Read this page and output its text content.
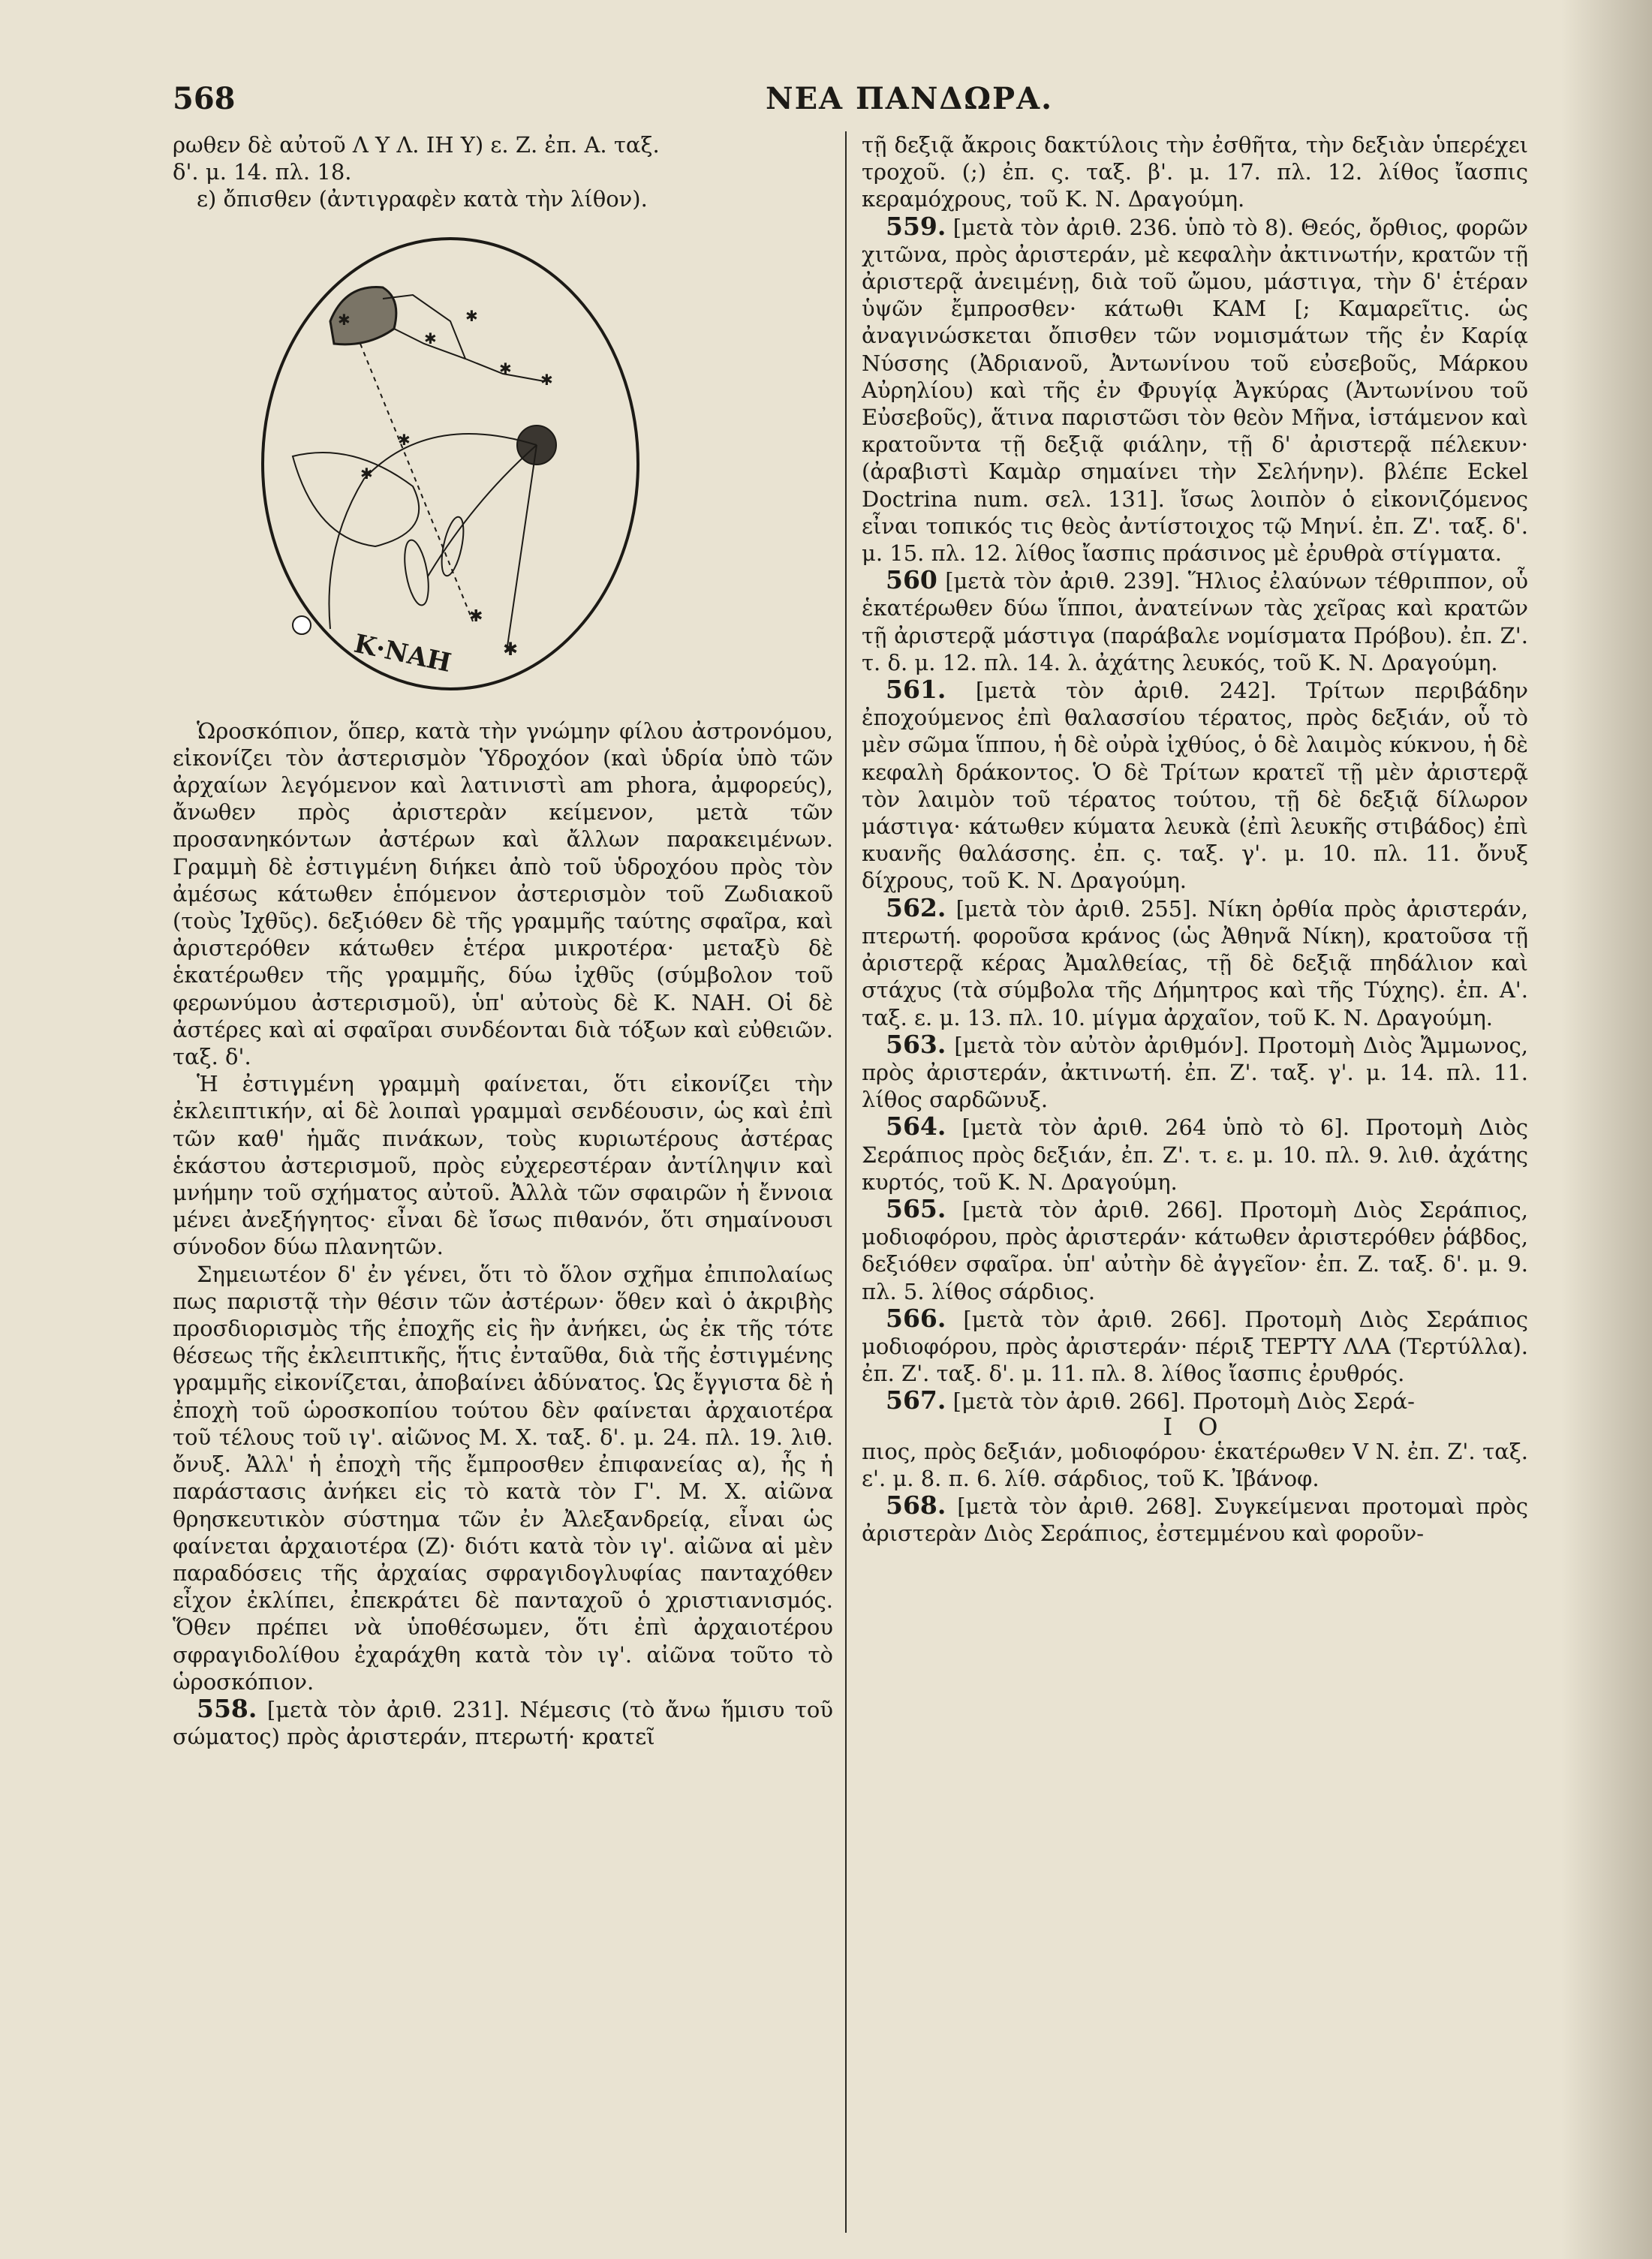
568	ΝΕΑ ΠΑΝΔΩΡΑ.

ρωθεν δὲ αὐτοῦ Λ Υ Λ. ΙΗ Υ) ε. Ζ. ἐπ. Α. ταξ.

δ'. μ. 14. πλ. 18.

ε) ὄπισθεν (ἀντιγραφὲν κατὰ τὴν λίθον).

✱
✱
✱
✱
✱
✱
✱
✱
✱
Κ·ΝΑΗ

Ὡροσκόπιον, ὅπερ, κατὰ τὴν γνώμην φίλου ἀστρονόμου, εἰκονίζει τὸν ἀστερισμὸν Ὑδροχόον (καὶ ὑδρία ὑπὸ τῶν ἀρχαίων λεγόμενον καὶ λατινιστὶ am phora, ἀμφορεύς), ἄνωθεν πρὸς ἀριστερὰν κείμενον, μετὰ τῶν προσανηκόντων ἀστέρων καὶ ἄλλων παρακειμένων. Γραμμὴ δὲ ἐστιγμένη διήκει ἀπὸ τοῦ ὑδροχόου πρὸς τὸν ἀμέσως κάτωθεν ἑπόμενον ἀστερισμὸν τοῦ Ζωδιακοῦ (τοὺς Ἰχθῦς). δεξιόθεν δὲ τῆς γραμμῆς ταύτης σφαῖρα, καὶ ἀριστερόθεν κάτωθεν ἑτέρα μικροτέρα· μεταξὺ δὲ ἑκατέρωθεν τῆς γραμμῆς, δύω ἰχθῦς (σύμβολον τοῦ φερωνύμου ἀστερισμοῦ), ὑπ' αὐτοὺς δὲ Κ. ΝΑΗ. Οἱ δὲ ἀστέρες καὶ αἱ σφαῖραι συνδέονται διὰ τόξων καὶ εὐθειῶν. ταξ. δ'.

Ἡ ἐστιγμένη γραμμὴ φαίνεται, ὅτι εἰκονίζει τὴν ἐκλειπτικήν, αἱ δὲ λοιπαὶ γραμμαὶ σενδέουσιν, ὡς καὶ ἐπὶ τῶν καθ' ἡμᾶς πινάκων, τοὺς κυριωτέρους ἀστέρας ἑκάστου ἀστερισμοῦ, πρὸς εὐχερεστέραν ἀντίληψιν καὶ μνήμην τοῦ σχήματος αὐτοῦ. Ἀλλὰ τῶν σφαιρῶν ἡ ἔννοια μένει ἀνεξήγητος· εἶναι δὲ ἴσως πιθανόν, ὅτι σημαίνουσι σύνοδον δύω πλανητῶν.

Σημειωτέον δ' ἐν γένει, ὅτι τὸ ὅλον σχῆμα ἐπιπολαίως πως παριστᾷ τὴν θέσιν τῶν ἀστέρων· ὅθεν καὶ ὁ ἀκριβὴς προσδιορισμὸς τῆς ἐποχῆς εἰς ἣν ἀνήκει, ὡς ἐκ τῆς τότε θέσεως τῆς ἐκλειπτικῆς, ἥτις ἐνταῦθα, διὰ τῆς ἐστιγμένης γραμμῆς εἰκονίζεται, ἀποβαίνει ἀδύνατος. Ὡς ἔγγιστα δὲ ἡ ἐποχὴ τοῦ ὡροσκοπίου τούτου δὲν φαίνεται ἀρχαιοτέρα τοῦ τέλους τοῦ ιγ'. αἰῶνος Μ. Χ. ταξ. δ'. μ. 24. πλ. 19. λιθ. ὄνυξ. Ἀλλ' ἡ ἐποχὴ τῆς ἔμπροσθεν ἐπιφανείας α), ἧς ἡ παράστασις ἀνήκει εἰς τὸ κατὰ τὸν Γ'. Μ. Χ. αἰῶνα θρησκευτικὸν σύστημα τῶν ἐν Ἀλεξανδρείᾳ, εἶναι ὡς φαίνεται ἀρχαιοτέρα (Ζ)· διότι κατὰ τὸν ιγ'. αἰῶνα αἱ μὲν παραδόσεις τῆς ἀρχαίας σφραγιδογλυφίας πανταχόθεν εἶχον ἐκλίπει, ἐπεκράτει δὲ πανταχοῦ ὁ χριστιανισμός. Ὅθεν πρέπει νὰ ὑποθέσωμεν, ὅτι ἐπὶ ἀρχαιοτέρου σφραγιδολίθου ἐχαράχθη κατὰ τὸν ιγ'. αἰῶνα τοῦτο τὸ ὡροσκόπιον.

558. [μετὰ τὸν ἀριθ. 231]. Νέμεσις (τὸ ἄνω ἥμισυ τοῦ σώματος) πρὸς ἀριστεράν, πτερωτή· κρατεῖ

τῇ δεξιᾷ ἄκροις δακτύλοις τὴν ἐσθῆτα, τὴν δεξιὰν ὑπερέχει τροχοῦ. (;) ἐπ. ς. ταξ. β'. μ. 17. πλ. 12. λίθος ἴασπις κεραμόχρους, τοῦ Κ. Ν. Δραγούμη.

559. [μετὰ τὸν ἀριθ. 236. ὑπὸ τὸ 8). Θεός, ὄρθιος, φορῶν χιτῶνα, πρὸς ἀριστεράν, μὲ κεφαλὴν ἀκτινωτήν, κρατῶν τῇ ἀριστερᾷ ἀνειμένῃ, διὰ τοῦ ὤμου, μάστιγα, τὴν δ' ἑτέραν ὑψῶν ἔμπροσθεν· κάτωθι ΚΑΜ [; Καμαρεῖτις. ὡς ἀναγινώσκεται ὄπισθεν τῶν νομισμάτων τῆς ἐν Καρίᾳ Νύσσης (Ἀδριανοῦ, Ἀντωνίνου τοῦ εὐσεβοῦς, Μάρκου Αὐρηλίου) καὶ τῆς ἐν Φρυγίᾳ Ἀγκύρας (Ἀντωνίνου τοῦ Εὐσεβοῦς), ἅτινα παριστῶσι τὸν θεὸν Μῆνα, ἱστάμενον καὶ κρατοῦντα τῇ δεξιᾷ φιάλην, τῇ δ' ἀριστερᾷ πέλεκυν· (ἀραβιστὶ Καμὰρ σημαίνει τὴν Σελήνην). βλέπε Eckel Doctrina num. σελ. 131]. ἴσως λοιπὸν ὁ εἰκονιζόμενος εἶναι τοπικός τις θεὸς ἀντίστοιχος τῷ Μηνί. ἐπ. Ζ'. ταξ. δ'. μ. 15. πλ. 12. λίθος ἴασπις πράσινος μὲ ἐρυθρὰ στίγματα.

560 [μετὰ τὸν ἀριθ. 239]. Ἥλιος ἐλαύνων τέθριππον, οὗ ἑκατέρωθεν δύω ἵπποι, ἀνατείνων τὰς χεῖρας καὶ κρατῶν τῇ ἀριστερᾷ μάστιγα (παράβαλε νομίσματα Πρόβου). ἐπ. Ζ'. τ. δ. μ. 12. πλ. 14. λ. ἀχάτης λευκός, τοῦ Κ. Ν. Δραγούμη.

561. [μετὰ τὸν ἀριθ. 242]. Τρίτων περιβάδην ἐποχούμενος ἐπὶ θαλασσίου τέρατος, πρὸς δεξιάν, οὗ τὸ μὲν σῶμα ἵππου, ἡ δὲ οὐρὰ ἰχθύος, ὁ δὲ λαιμὸς κύκνου, ἡ δὲ κεφαλὴ δράκοντος. Ὁ δὲ Τρίτων κρατεῖ τῇ μὲν ἀριστερᾷ τὸν λαιμὸν τοῦ τέρατος τούτου, τῇ δὲ δεξιᾷ δίλωρον μάστιγα· κάτωθεν κύματα λευκὰ (ἐπὶ λευκῆς στιβάδος) ἐπὶ κυανῆς θαλάσσης. ἐπ. ς. ταξ. γ'. μ. 10. πλ. 11. ὄνυξ δίχρους, τοῦ Κ. Ν. Δραγούμη.

562. [μετὰ τὸν ἀριθ. 255]. Νίκη ὀρθία πρὸς ἀριστεράν, πτερωτή. φοροῦσα κράνος (ὡς Ἀθηνᾶ Νίκη), κρατοῦσα τῇ ἀριστερᾷ κέρας Ἀμαλθείας, τῇ δὲ δεξιᾷ πηδάλιον καὶ στάχυς (τὰ σύμβολα τῆς Δήμητρος καὶ τῆς Τύχης). ἐπ. Α'. ταξ. ε. μ. 13. πλ. 10. μίγμα ἀρχαῖον, τοῦ Κ. Ν. Δραγούμη.

563. [μετὰ τὸν αὐτὸν ἀριθμόν]. Προτομὴ Διὸς Ἄμμωνος, πρὸς ἀριστεράν, ἀκτινωτή. ἐπ. Ζ'. ταξ. γ'. μ. 14. πλ. 11. λίθος σαρδῶνυξ.

564. [μετὰ τὸν ἀριθ. 264 ὑπὸ τὸ 6]. Προτομὴ Διὸς Σεράπιος πρὸς δεξιάν, ἐπ. Ζ'. τ. ε. μ. 10. πλ. 9. λιθ. ἀχάτης κυρτός, τοῦ Κ. Ν. Δραγούμη.

565. [μετὰ τὸν ἀριθ. 266]. Προτομὴ Διὸς Σεράπιος, μοδιοφόρου, πρὸς ἀριστεράν· κάτωθεν ἀριστερόθεν ῥάβδος, δεξιόθεν σφαῖρα. ὑπ' αὐτὴν δὲ ἀγγεῖον· ἐπ. Ζ. ταξ. δ'. μ. 9. πλ. 5. λίθος σάρδιος.

566. [μετὰ τὸν ἀριθ. 266]. Προτομὴ Διὸς Σεράπιος μοδιοφόρου, πρὸς ἀριστεράν· πέριξ ΤΕΡΤΥ ΛΛΑ (Τερτύλλα). ἐπ. Ζ'. ταξ. δ'. μ. 11. πλ. 8. λίθος ἴασπις ἐρυθρός.

567. [μετὰ τὸν ἀριθ. 266]. Προτομὴ Διὸς Σερά-

Ι Ο

πιος, πρὸς δεξιάν, μοδιοφόρου· ἑκατέρωθεν V N. ἐπ. Ζ'. ταξ. ε'. μ. 8. π. 6. λίθ. σάρδιος, τοῦ Κ. Ἰβάνοφ.

568. [μετὰ τὸν ἀριθ. 268]. Συγκείμεναι προτομαὶ πρὸς ἀριστερὰν Διὸς Σεράπιος, ἐστεμμένου καὶ φοροῦν-
